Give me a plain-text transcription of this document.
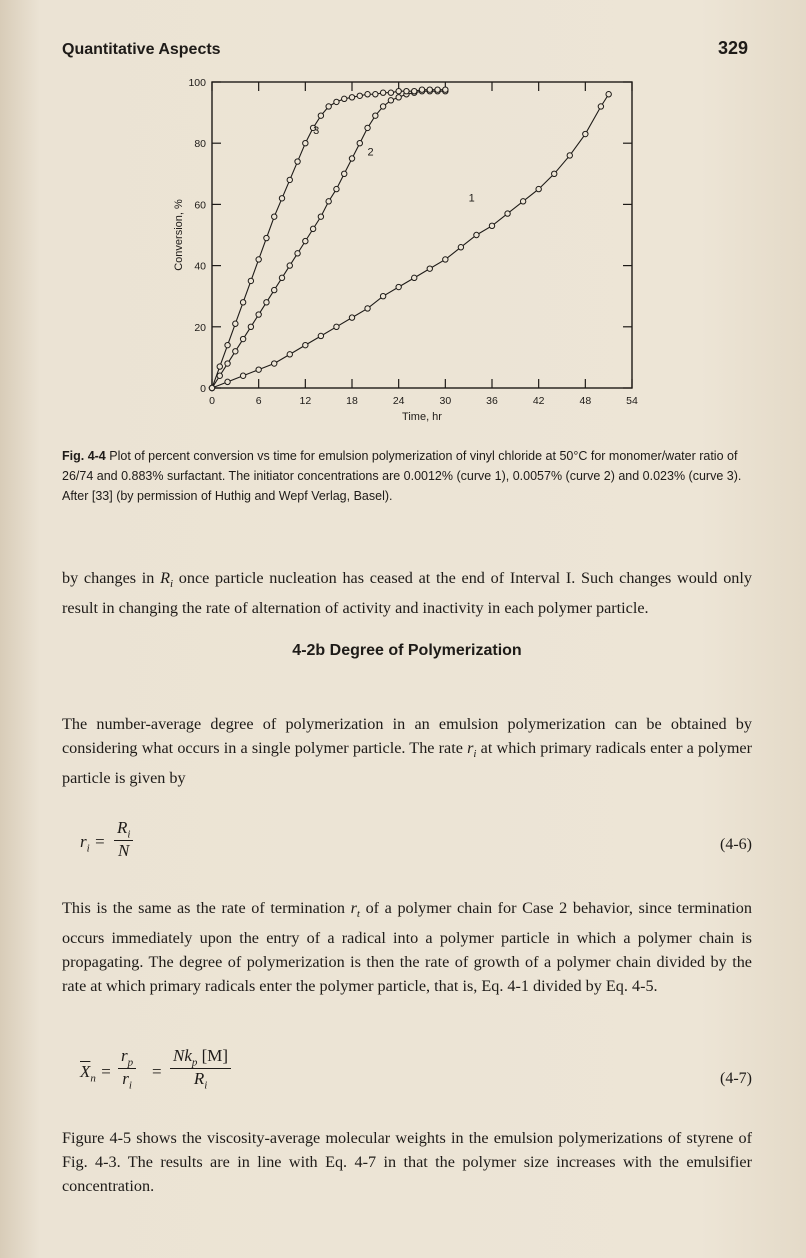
Quantitative Aspects	329
0	6	12	18	24	30	36	42	48	54
0
20
40
60
80
100
Time, hr
Conversion, %
1
2
3
Fig. 4-4 Plot of percent conversion vs time for emulsion polymerization of vinyl chloride at 50°C for monomer/water ratio of 26/74 and 0.883% surfactant. The initiator concentrations are 0.0012% (curve 1), 0.0057% (curve 2) and 0.023% (curve 3). After [33] (by permission of Huthig and Wepf Verlag, Basel).

by changes in $R_i$ once particle nucleation has ceased at the end of Interval I. Such changes would only result in changing the rate of alternation of activity and inactivity in each polymer particle.

4-2b Degree of Polymerization

The number-average degree of polymerization in an emulsion polymerization can be obtained by considering what occurs in a single polymer particle. The rate $r_i$ at which primary radicals enter a polymer particle is given by

$r_i = \frac{R_i}{N}$	(4-6)

This is the same as the rate of termination $r_t$ of a polymer chain for Case 2 behavior, since termination occurs immediately upon the entry of a radical into a polymer particle in which a polymer chain is propagating. The degree of polymerization is then the rate of growth of a polymer chain divided by the rate at which primary radicals enter the polymer particle, that is, Eq. 4-1 divided by Eq. 4-5.

$\overline{X}_n = \frac{r_p}{r_i}$ =
$Nk_p$ [M]
$R_i$	(4-7)

Figure 4-5 shows the viscosity-average molecular weights in the emulsion polymerizations of styrene of Fig. 4-3. The results are in line with Eq. 4-7 in that the polymer size increases with the emulsifier concentration.
